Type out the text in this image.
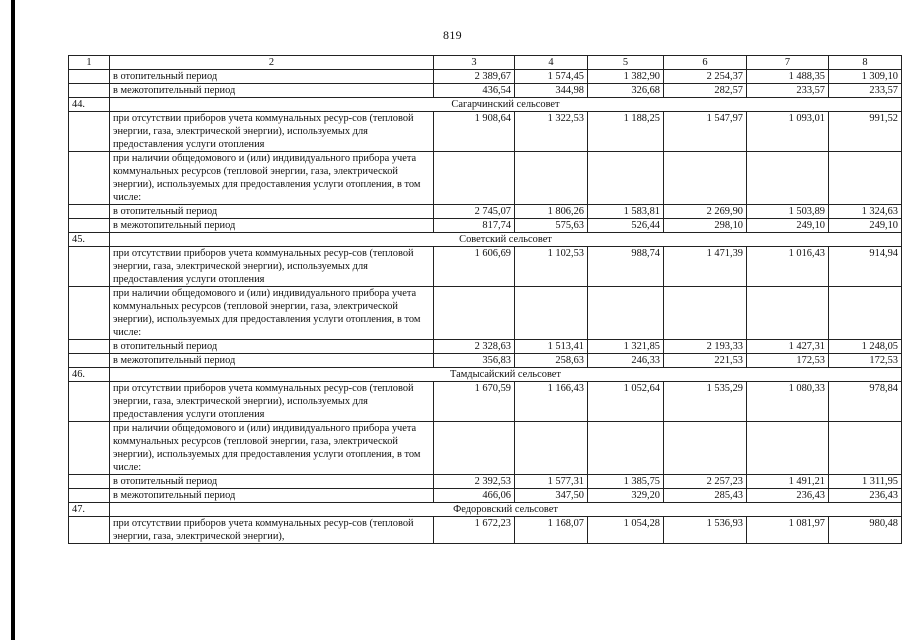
819
1	2	3	4	5	6	7	8
	в отопительный период	2 389,67	1 574,45	1 382,90	2 254,37	1 488,35	1 309,10
	в межотопительный период	436,54	344,98	326,68	282,57	233,57	233,57
44.	Сагарчинский сельсовет						
	при отсутствии приборов учета коммунальных ресур-сов (тепловой энергии, газа, электрической энергии), используемых для предоставления услуги отопления	1 908,64	1 322,53	1 188,25	1 547,97	1 093,01	991,52
	при наличии общедомового и (или) индивидуального прибора учета коммунальных ресурсов (тепловой энергии, газа, электрической энергии), используемых для предоставления услуги отопления, в том числе:						
	в отопительный период	2 745,07	1 806,26	1 583,81	2 269,90	1 503,89	1 324,63
	в межотопительный период	817,74	575,63	526,44	298,10	249,10	249,10
45.	Советский сельсовет						
	при отсутствии приборов учета коммунальных ресур-сов (тепловой энергии, газа, электрической энергии), используемых для предоставления услуги отопления	1 606,69	1 102,53	988,74	1 471,39	1 016,43	914,94
	при наличии общедомового и (или) индивидуального прибора учета коммунальных ресурсов (тепловой энергии, газа, электрической энергии), используемых для предоставления услуги отопления, в том числе:						
	в отопительный период	2 328,63	1 513,41	1 321,85	2 193,33	1 427,31	1 248,05
	в межотопительный период	356,83	258,63	246,33	221,53	172,53	172,53
46.	Тамдысайский сельсовет						
	при отсутствии приборов учета коммунальных ресур-сов (тепловой энергии, газа, электрической энергии), используемых для предоставления услуги отопления	1 670,59	1 166,43	1 052,64	1 535,29	1 080,33	978,84
	при наличии общедомового и (или) индивидуального прибора учета коммунальных ресурсов (тепловой энергии, газа, электрической энергии), используемых для предоставления услуги отопления, в том числе:						
	в отопительный период	2 392,53	1 577,31	1 385,75	2 257,23	1 491,21	1 311,95
	в межотопительный период	466,06	347,50	329,20	285,43	236,43	236,43
47.	Федоровский сельсовет						
	при отсутствии приборов учета коммунальных ресур-сов (тепловой энергии, газа, электрической энергии),	1 672,23	1 168,07	1 054,28	1 536,93	1 081,97	980,48
